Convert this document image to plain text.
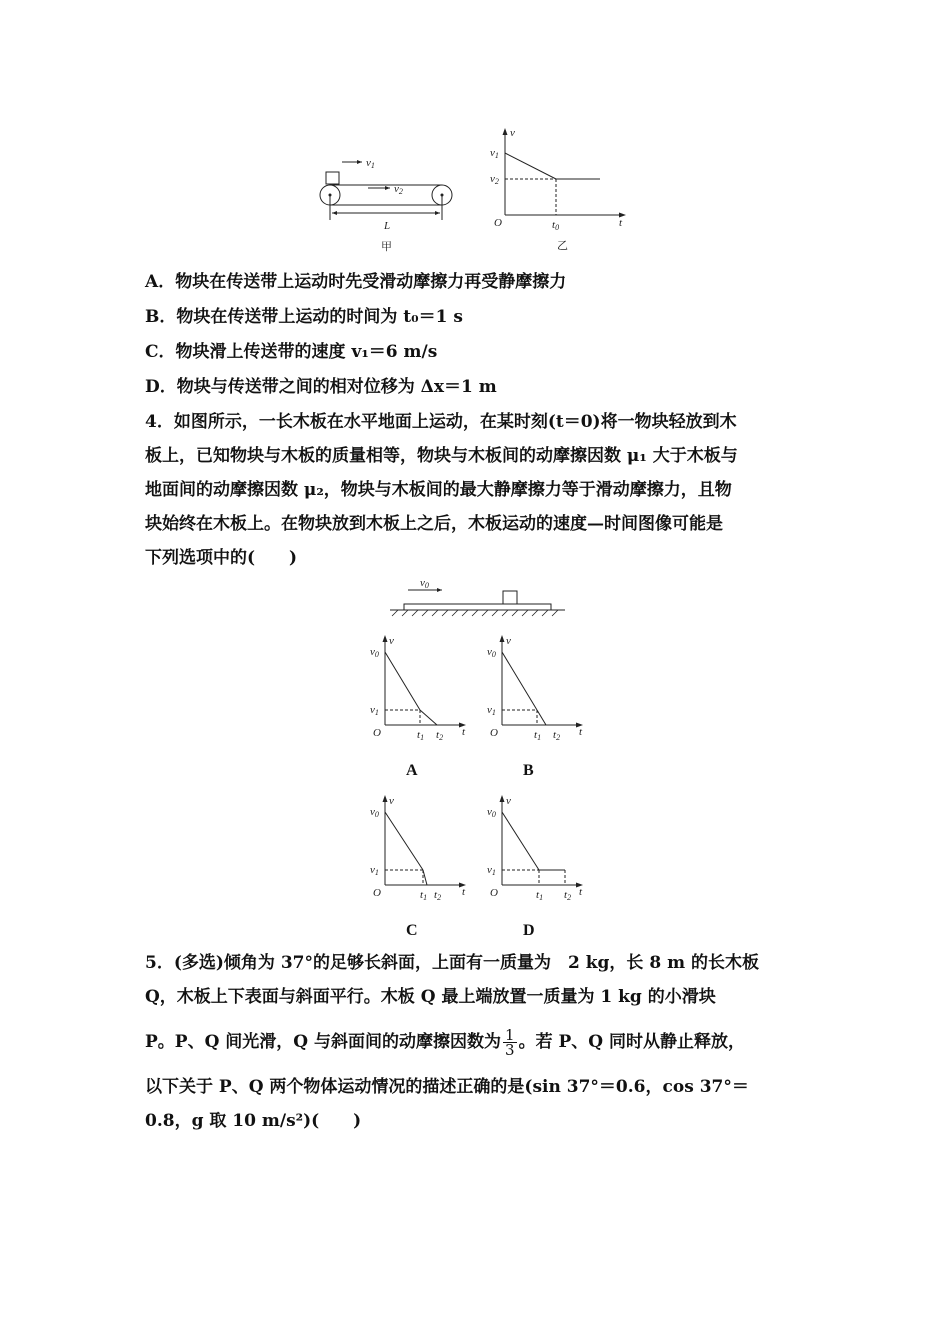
v1
v2
L
甲
v
v1
v2
O	t0	t
乙
A．物块在传送带上运动时先受滑动摩擦力再受静摩擦力
B．物块在传送带上运动的时间为 t₀＝1 s
C．物块滑上传送带的速度 v₁＝6 m/s
D．物块与传送带之间的相对位移为 Δx＝1 m
4．如图所示，一长木板在水平地面上运动，在某时刻(t＝0)将一物块轻放到木
板上，已知物块与木板的质量相等，物块与木板间的动摩擦因数 μ₁ 大于木板与
地面间的动摩擦因数 μ₂，物块与木板间的最大静摩擦力等于滑动摩擦力，且物
块始终在木板上。在物块放到木板上之后，木板运动的速度—时间图像可能是
下列选项中的(　　)
v0
v
v0
v1
O	t1 t2 t
A
v
v0
v1
O	t1 t2 t
B
v
v0
v1
O	t1 t2 t
C
v
v0
v1
O	t1 t2 t
D
5．(多选)倾角为 37°的足够长斜面，上面有一质量为　2 kg，长 8 m 的长木板
Q，木板上下表面与斜面平行。木板 Q 最上端放置一质量为 1 kg 的小滑块
P。P、Q 间光滑，Q 与斜面间的动摩擦因数为 $\frac{1}{3}$ 。若 P、Q 同时从静止释放，
以下关于 P、Q 两个物体运动情况的描述正确的是(sin 37°＝0.6，cos 37°＝
0.8，g 取 10 m/s²)(　　)
